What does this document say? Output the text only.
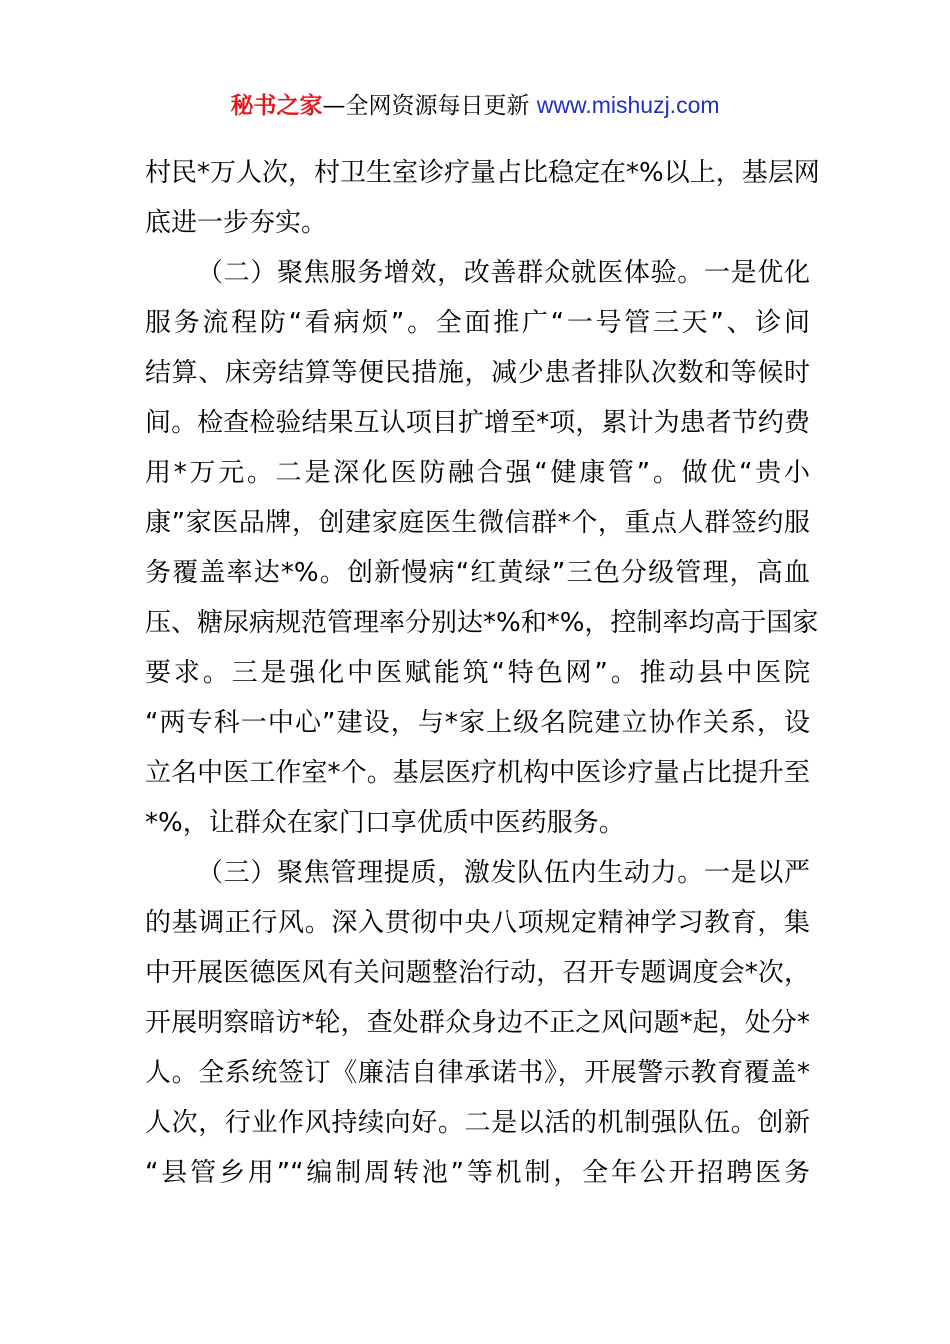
秘书之家—全网资源每日更新 www.mishuzj.com
村民*万人次，村卫生室诊疗量占比稳定在*%以上，基层网
底进一步夯实。
（二）聚焦服务增效，改善群众就医体验。一是优化
服务流程防“看病烦”。全面推广“一号管三天”、诊间
结算、床旁结算等便民措施，减少患者排队次数和等候时
间。检查检验结果互认项目扩增至*项，累计为患者节约费
用*万元。二是深化医防融合强“健康管”。做优“贵小
康”家医品牌，创建家庭医生微信群*个，重点人群签约服
务覆盖率达*%。创新慢病“红黄绿”三色分级管理，高血
压、糖尿病规范管理率分别达*%和*%，控制率均高于国家
要求。三是强化中医赋能筑“特色网”。推动县中医院
“两专科一中心”建设，与*家上级名院建立协作关系，设
立名中医工作室*个。基层医疗机构中医诊疗量占比提升至
*%，让群众在家门口享优质中医药服务。
（三）聚焦管理提质，激发队伍内生动力。一是以严
的基调正行风。深入贯彻中央八项规定精神学习教育，集
中开展医德医风有关问题整治行动，召开专题调度会*次，
开展明察暗访*轮，查处群众身边不正之风问题*起，处分*
人。全系统签订《廉洁自律承诺书》，开展警示教育覆盖*
人次，行业作风持续向好。二是以活的机制强队伍。创新
“县管乡用”“编制周转池”等机制，全年公开招聘医务
